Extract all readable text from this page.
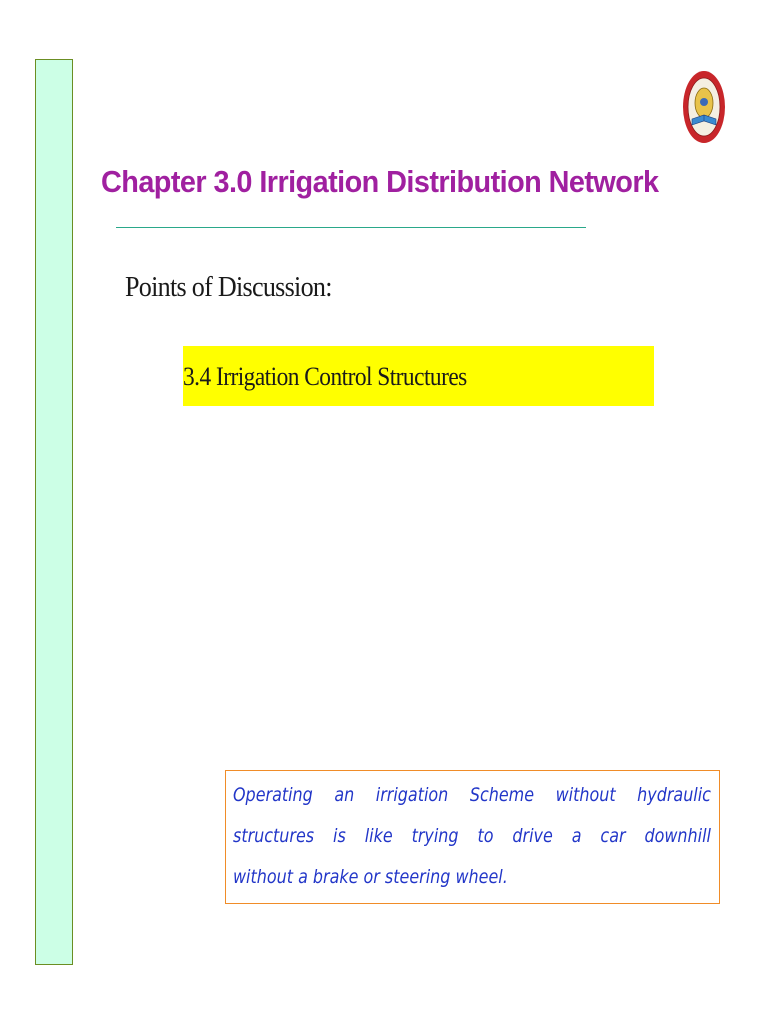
Chapter 3.0 Irrigation Distribution Network
Points of Discussion:
3.4 Irrigation Control Structures
Operating an irrigation Scheme without hydraulic
structures is like trying to drive a car downhill
without a brake or steering wheel.
